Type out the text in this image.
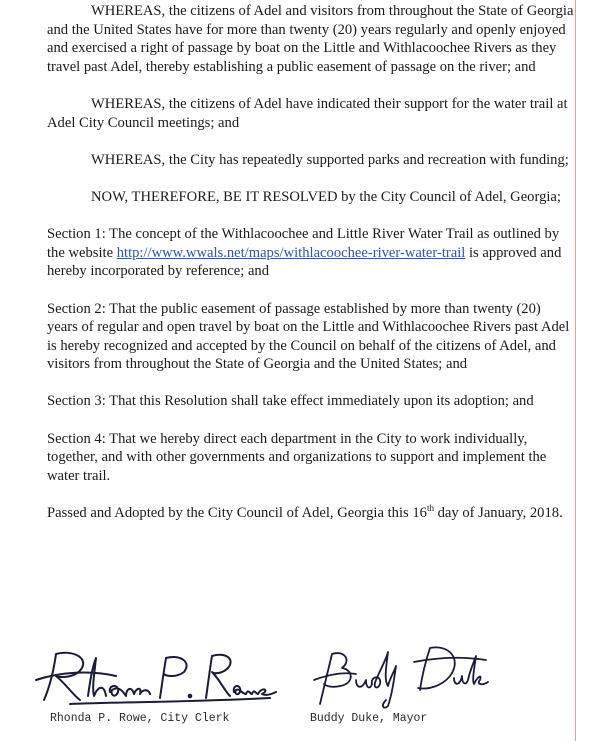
WHEREAS, the citizens of Adel and visitors from throughout the State of Georgia and the United States have for more than twenty (20) years regularly and openly enjoyed and exercised a right of passage by boat on the Little and Withlacoochee Rivers as they travel past Adel, thereby establishing a public easement of passage on the river; and

WHEREAS, the citizens of Adel have indicated their support for the water trail at Adel City Council meetings; and

WHEREAS, the City has repeatedly supported parks and recreation with funding;

NOW, THEREFORE, BE IT RESOLVED by the City Council of Adel, Georgia;

Section 1: The concept of the Withlacoochee and Little River Water Trail as outlined by the website http://www.wwals.net/maps/withlacoochee-river-water-trail is approved and hereby incorporated by reference; and

Section 2: That the public easement of passage established by more than twenty (20) years of regular and open travel by boat on the Little and Withlacoochee Rivers past Adel is hereby recognized and accepted by the Council on behalf of the citizens of Adel, and visitors from throughout the State of Georgia and the United States; and

Section 3: That this Resolution shall take effect immediately upon its adoption; and

Section 4: That we hereby direct each department in the City to work individually, together, and with other governments and organizations to support and implement the water trail.

Passed and Adopted by the City Council of Adel, Georgia this 16th day of January, 2018.

Rhonda P. Rowe, City Clerk	Buddy Duke, Mayor
